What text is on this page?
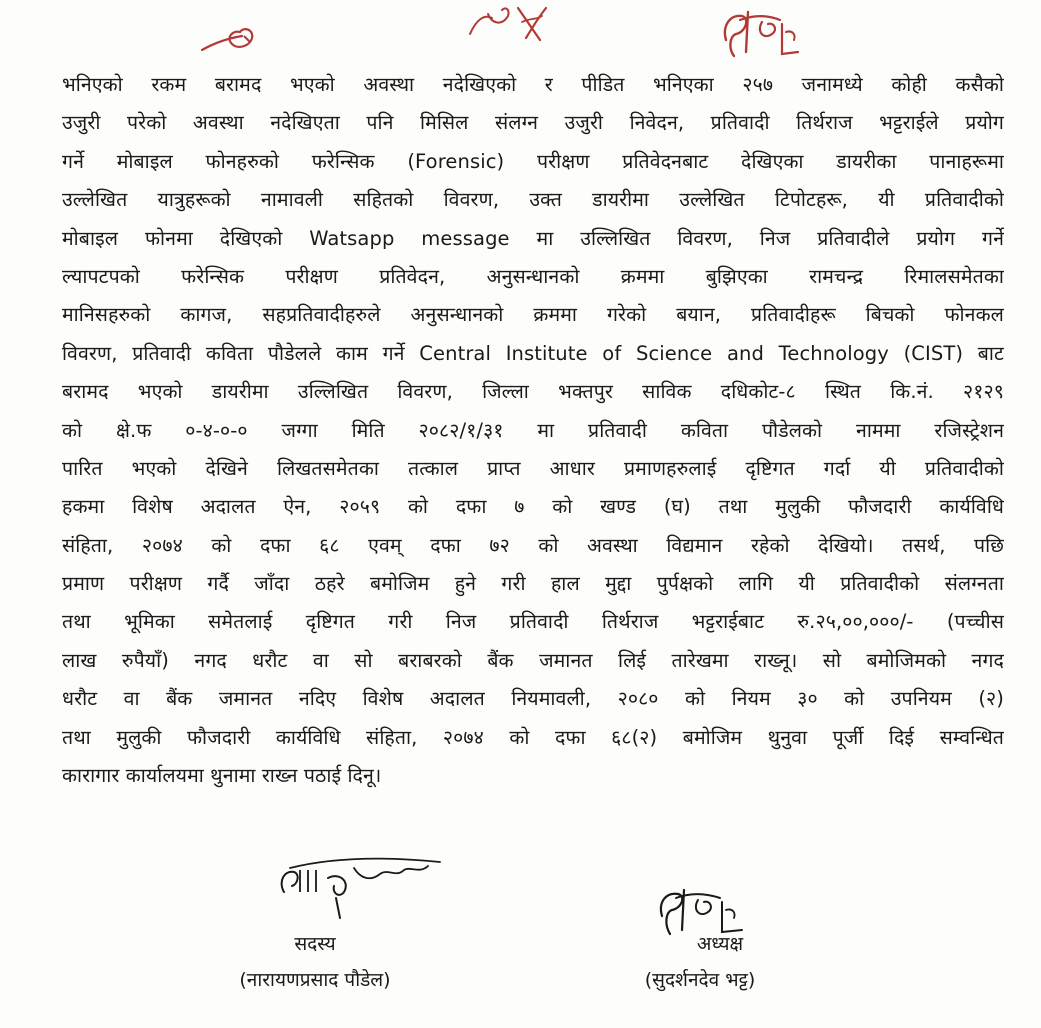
भनिएको रकम बरामद भएको अवस्था नदेखिएको र पीडित भनिएका २५७ जनामध्ये कोही कसैको
उजुरी परेको अवस्था नदेखिएता पनि मिसिल संलग्न उजुरी निवेदन, प्रतिवादी तिर्थराज भट्टराईले प्रयोग
गर्ने मोबाइल फोनहरुको फरेन्सिक (Forensic) परीक्षण प्रतिवेदनबाट देखिएका डायरीका पानाहरूमा
उल्लेखित यात्रुहरूको नामावली सहितको विवरण, उक्त डायरीमा उल्लेखित टिपोटहरू, यी प्रतिवादीको
मोबाइल फोनमा देखिएको Watsapp message मा उल्लिखित विवरण, निज प्रतिवादीले प्रयोग गर्ने
ल्यापटपको फरेन्सिक परीक्षण प्रतिवेदन, अनुसन्धानको क्रममा बुझिएका रामचन्द्र रिमालसमेतका
मानिसहरुको कागज, सहप्रतिवादीहरुले अनुसन्धानको क्रममा गरेको बयान, प्रतिवादीहरू बिचको फोनकल
विवरण, प्रतिवादी कविता पौडेलले काम गर्ने Central Institute of Science and Technology (CIST) बाट
बरामद भएको डायरीमा उल्लिखित विवरण, जिल्ला भक्तपुर साविक दधिकोट-८ स्थित कि.नं. २१२९
को क्षे.फ ०-४-०-० जग्गा मिति २०८२/१/३१ मा प्रतिवादी कविता पौडेलको नाममा रजिस्ट्रेशन
पारित भएको देखिने लिखतसमेतका तत्काल प्राप्त आधार प्रमाणहरुलाई दृष्टिगत गर्दा यी प्रतिवादीको
हकमा विशेष अदालत ऐन, २०५९ को दफा ७ को खण्ड (घ) तथा मुलुकी फौजदारी कार्यविधि
संहिता, २०७४ को दफा ६८ एवम् दफा ७२ को अवस्था विद्यमान रहेको देखियो। तसर्थ, पछि
प्रमाण परीक्षण गर्दै जाँदा ठहरे बमोजिम हुने गरी हाल मुद्दा पुर्पक्षको लागि यी प्रतिवादीको संलग्नता
तथा भूमिका समेतलाई दृष्टिगत गरी निज प्रतिवादी तिर्थराज भट्टराईबाट रु.२५,००,०००/- (पच्चीस
लाख रुपैयाँ) नगद धरौट वा सो बराबरको बैंक जमानत लिई तारेखमा राख्नू। सो बमोजिमको नगद
धरौट वा बैंक जमानत नदिए विशेष अदालत नियमावली, २०८० को नियम ३० को उपनियम (२)
तथा मुलुकी फौजदारी कार्यविधि संहिता, २०७४ को दफा ६८(२) बमोजिम थुनुवा पूर्जी दिई सम्वन्धित
कारागार कार्यालयमा थुनामा राख्न पठाई दिनू।
सदस्य
(नारायणप्रसाद पौडेल)
अध्यक्ष
(सुदर्शनदेव भट्ट)
